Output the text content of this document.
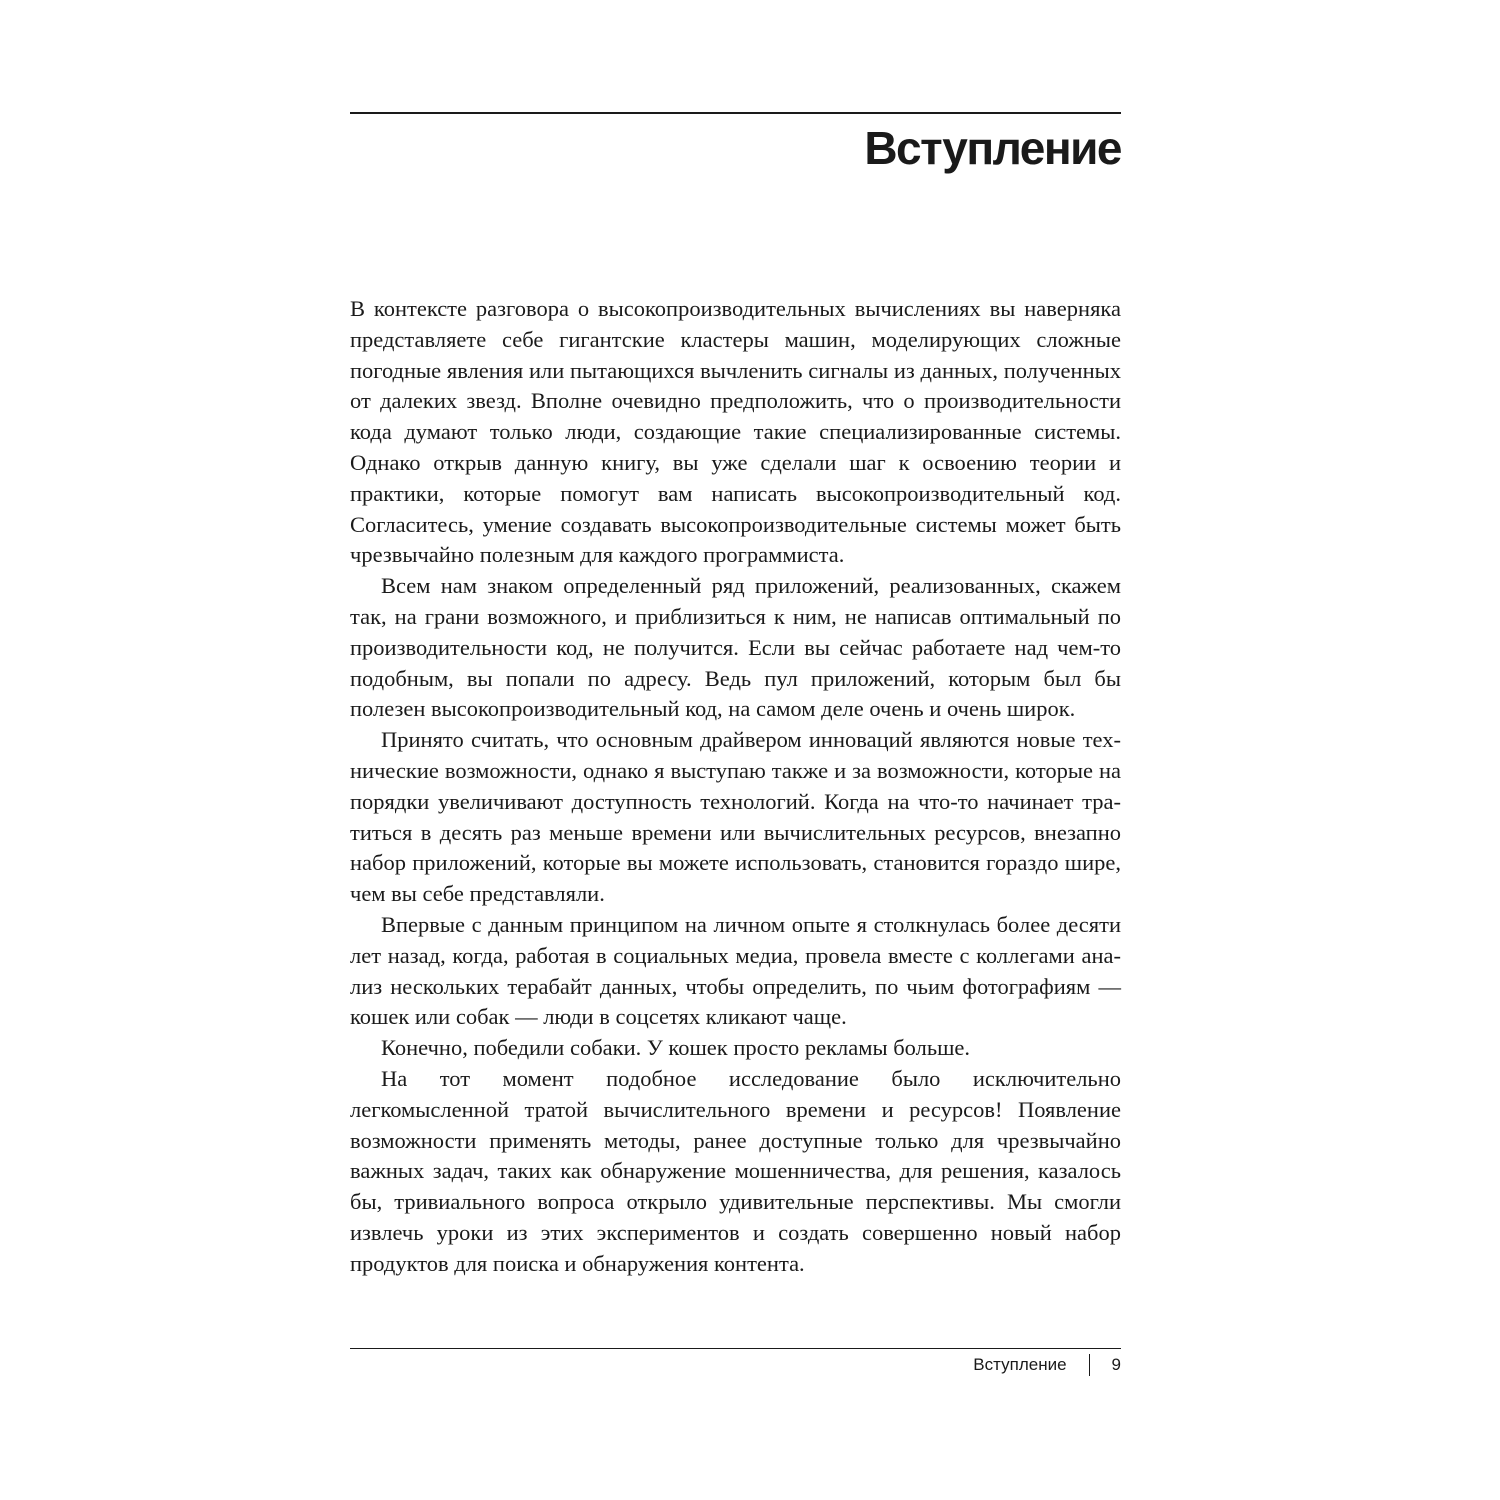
Вступление

В контексте разговора о высокопроизводительных вычислениях вы наверняка представляете себе гигантские кластеры машин, моделирующих сложные погодные явления или пытающихся вычленить сигналы из данных, полученных от далеких звезд. Вполне очевидно предположить, что о производительности кода думают только люди, создающие такие специализированные системы. Однако открыв данную книгу, вы уже сделали шаг к освоению теории и практики, которые помогут вам написать высокопроизводительный код. Согласитесь, умение создавать высокопроизводительные системы может быть чрезвычайно полезным для каждого программиста.

Всем нам знаком определенный ряд приложений, реализованных, скажем так, на грани возможного, и приблизиться к ним, не написав оптимальный по производительности код, не получится. Если вы сейчас работаете над чем-то подобным, вы попали по адресу. Ведь пул приложений, которым был бы полезен высокопроизводительный код, на самом деле очень и очень широк.

Принято считать, что основным драйвером инноваций являются новые технические возможности, однако я выступаю также и за возможности, которые на порядки увеличивают доступность технологий. Когда на что-то начинает тратиться в десять раз меньше времени или вычислительных ресурсов, внезапно набор приложений, которые вы можете использовать, становится гораздо шире, чем вы себе представляли.

Впервые с данным принципом на личном опыте я столкнулась более десяти лет назад, когда, работая в социальных медиа, провела вместе с коллегами анализ нескольких терабайт данных, чтобы определить, по чьим фотографиям — кошек или собак — люди в соцсетях кликают чаще.

Конечно, победили собаки. У кошек просто рекламы больше.

На тот момент подобное исследование было исключительно легкомысленной тратой вычислительного времени и ресурсов! Появление возможности применять методы, ранее доступные только для чрезвычайно важных задач, таких как обнаружение мошенничества, для решения, казалось бы, тривиального вопроса открыло удивительные перспективы. Мы смогли извлечь уроки из этих экспериментов и создать совершенно новый набор продуктов для поиска и обнаружения контента.

Вступление	9
